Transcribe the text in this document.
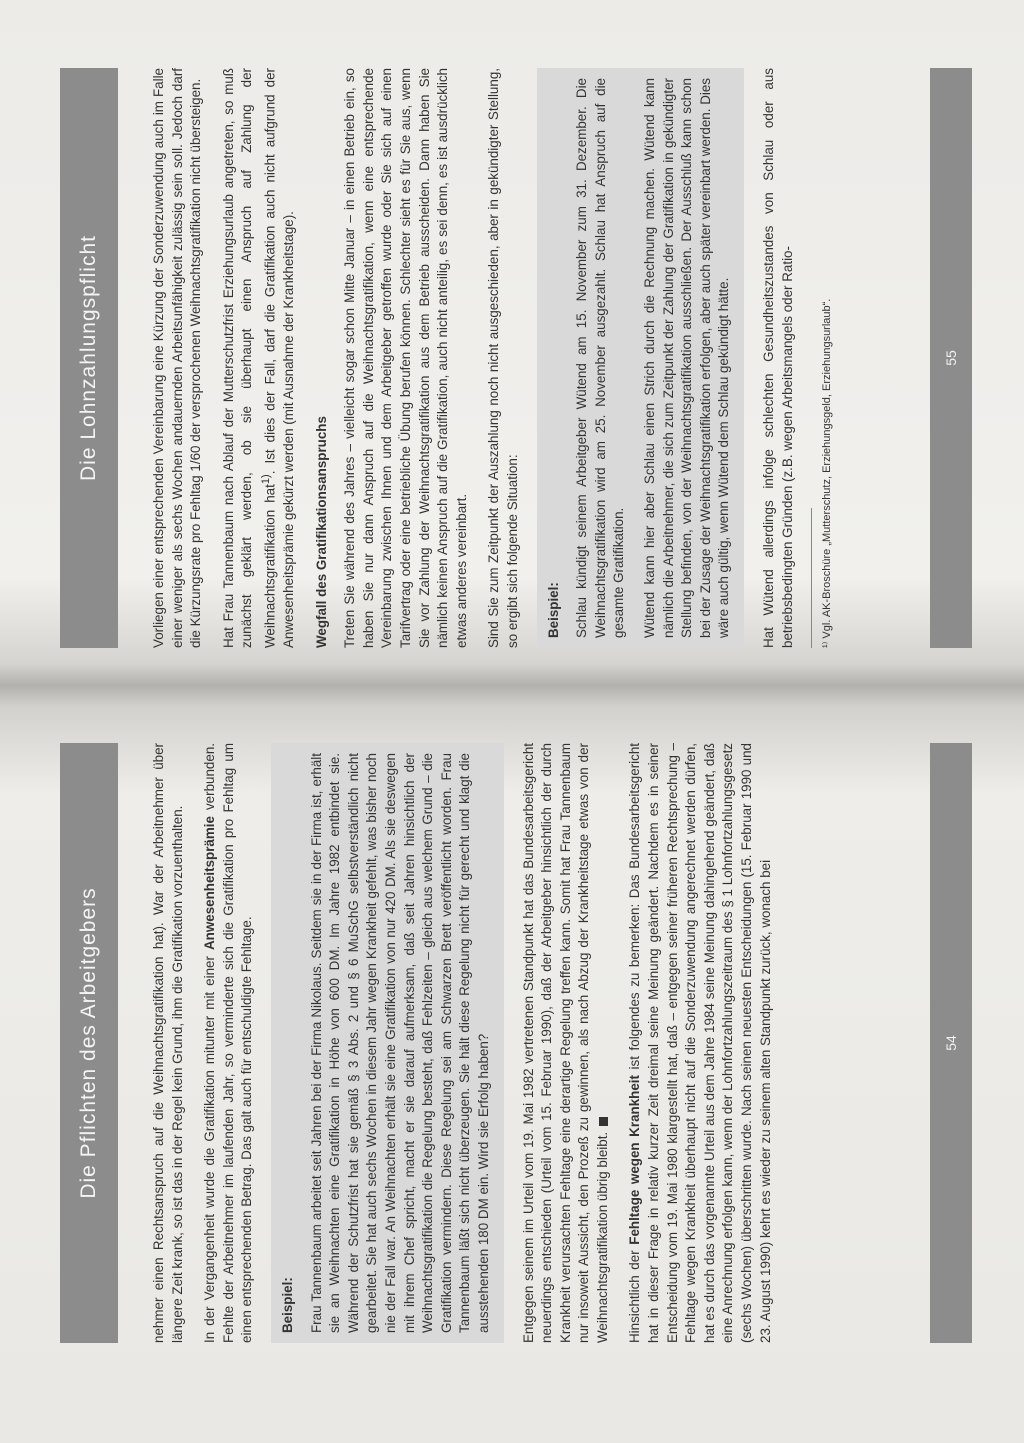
Die Pflichten des Arbeitgebers	nehmer einen Rechtsanspruch auf die Weihnachtsgratifikation hat). War der Arbeitnehmer über längere Zeit krank, so ist das in der Regel kein Grund, ihm die Gratifikation vorzuenthalten. In der Vergangenheit wurde die Gratifikation mitunter mit einer Anwesenheitsprämie verbunden. Fehlte der Arbeitnehmer im laufenden Jahr, so verminderte sich die Gratifikation pro Fehltag um einen entsprechenden Betrag. Das galt auch für entschuldigte Fehltage. Beispiel: Frau Tannenbaum arbeitet seit Jahren bei der Firma Nikolaus. Seitdem sie in der Firma ist, erhält sie an Weihnachten eine Gratifikation in Höhe von 600 DM. Im Jahre 1982 entbindet sie. Während der Schutzfrist hat sie gemäß § 3 Abs. 2 und § 6 MuSchG selbstverständlich nicht gearbeitet. Sie hat auch sechs Wochen in diesem Jahr wegen Krankheit gefehlt, was bisher noch nie der Fall war. An Weihnachten erhält sie eine Gratifikation von nur 420 DM. Als sie deswegen mit ihrem Chef spricht, macht er sie darauf aufmerksam, daß seit Jahren hinsichtlich der Weihnachtsgratifikation die Regelung besteht, daß Fehlzeiten – gleich aus welchem Grund – die Gratifikation vermindern. Diese Regelung sei am Schwarzen Brett veröffentlicht worden. Frau Tannenbaum läßt sich nicht überzeugen. Sie hält diese Regelung nicht für gerecht und klagt die ausstehenden 180 DM ein. Wird sie Erfolg haben? Entgegen seinem im Urteil vom 19. Mai 1982 vertretenen Standpunkt hat das Bundesarbeitsgericht neuerdings entschieden (Urteil vom 15. Februar 1990), daß der Arbeitgeber hinsichtlich der durch Krankheit verursachten Fehltage eine derartige Regelung treffen kann. Somit hat Frau Tannenbaum nur insoweit Aussicht, den Prozeß zu gewinnen, als nach Abzug der Krankheitstage etwas von der Weihnachtsgratifikation übrig bleibt. Hinsichtlich der Fehltage wegen Krankheit ist folgendes zu bemerken: Das Bundesarbeitsgericht hat in dieser Frage in relativ kurzer Zeit dreimal seine Meinung geändert. Nachdem es in seiner Entscheidung vom 19. Mai 1980 klargestellt hat, daß – entgegen seiner früheren Rechtsprechung – Fehltage wegen Krankheit überhaupt nicht auf die Sonderzuwendung angerechnet werden dürfen, hat es durch das vorgenannte Urteil aus dem Jahre 1984 seine Meinung dahingehend geändert, daß eine Anrechnung erfolgen kann, wenn der Lohnfortzahlungszeitraum des § 1 Lohnfortzahlungsgesetz (sechs Wochen) überschritten wurde. Nach seinen neuesten Entscheidungen (15. Februar 1990 und 23. August 1990) kehrt es wieder zu seinem alten Standpunkt zurück, wonach bei	54
Die Lohnzahlungspflicht	Vorliegen einer entsprechenden Vereinbarung eine Kürzung der Sonderzuwendung auch im Falle einer weniger als sechs Wochen andauernden Arbeitsunfähigkeit zulässig sein soll. Jedoch darf die Kürzungsrate pro Fehltag 1/60 der versprochenen Weihnachtsgratifikation nicht übersteigen. Hat Frau Tannenbaum nach Ablauf der Mutterschutzfrist Erziehungsurlaub angetreten, so muß zunächst geklärt werden, ob sie überhaupt einen Anspruch auf Zahlung der Weihnachtsgratifikation hat$^{1)}$. Ist dies der Fall, darf die Gratifikation auch nicht aufgrund der Anwesenheitsprämie gekürzt werden (mit Ausnahme der Krankheitstage). Wegfall des Gratifikationsanspruchs Treten Sie während des Jahres – vielleicht sogar schon Mitte Januar – in einen Betrieb ein, so haben Sie nur dann Anspruch auf die Weihnachtsgratifikation, wenn eine entsprechende Vereinbarung zwischen Ihnen und dem Arbeitgeber getroffen wurde oder Sie sich auf einen Tarifvertrag oder eine betriebliche Übung berufen können. Schlechter sieht es für Sie aus, wenn Sie vor Zahlung der Weihnachtsgratifikation aus dem Betrieb ausscheiden. Dann haben Sie nämlich keinen Anspruch auf die Gratifikation, auch nicht anteilig, es sei denn, es ist ausdrücklich etwas anderes vereinbart. Sind Sie zum Zeitpunkt der Auszahlung noch nicht ausgeschieden, aber in gekündigter Stellung, so ergibt sich folgende Situation: Beispiel: Schlau kündigt seinem Arbeitgeber Wütend am 15. November zum 31. Dezember. Die Weihnachtsgratifikation wird am 25. November ausgezahlt. Schlau hat Anspruch auf die gesamte Gratifikation. Wütend kann hier aber Schlau einen Strich durch die Rechnung machen. Wütend kann nämlich die Arbeitnehmer, die sich zum Zeitpunkt der Zahlung der Gratifikation in gekündigter Stellung befinden, von der Weihnachtsgratifikation ausschließen. Der Ausschluß kann schon bei der Zusage der Weihnachtsgratifikation erfolgen, aber auch später vereinbart werden. Dies wäre auch gültig, wenn Wütend dem Schlau gekündigt hätte. Hat Wütend allerdings infolge schlechten Gesundheitszustandes von Schlau oder aus betriebsbedingten Gründen (z.B. wegen Arbeitsmangels oder Ratio- ¹⁾ Vgl. AK-Broschüre „Mutterschutz, Erziehungsgeld, Erziehungsurlaub“.	55
